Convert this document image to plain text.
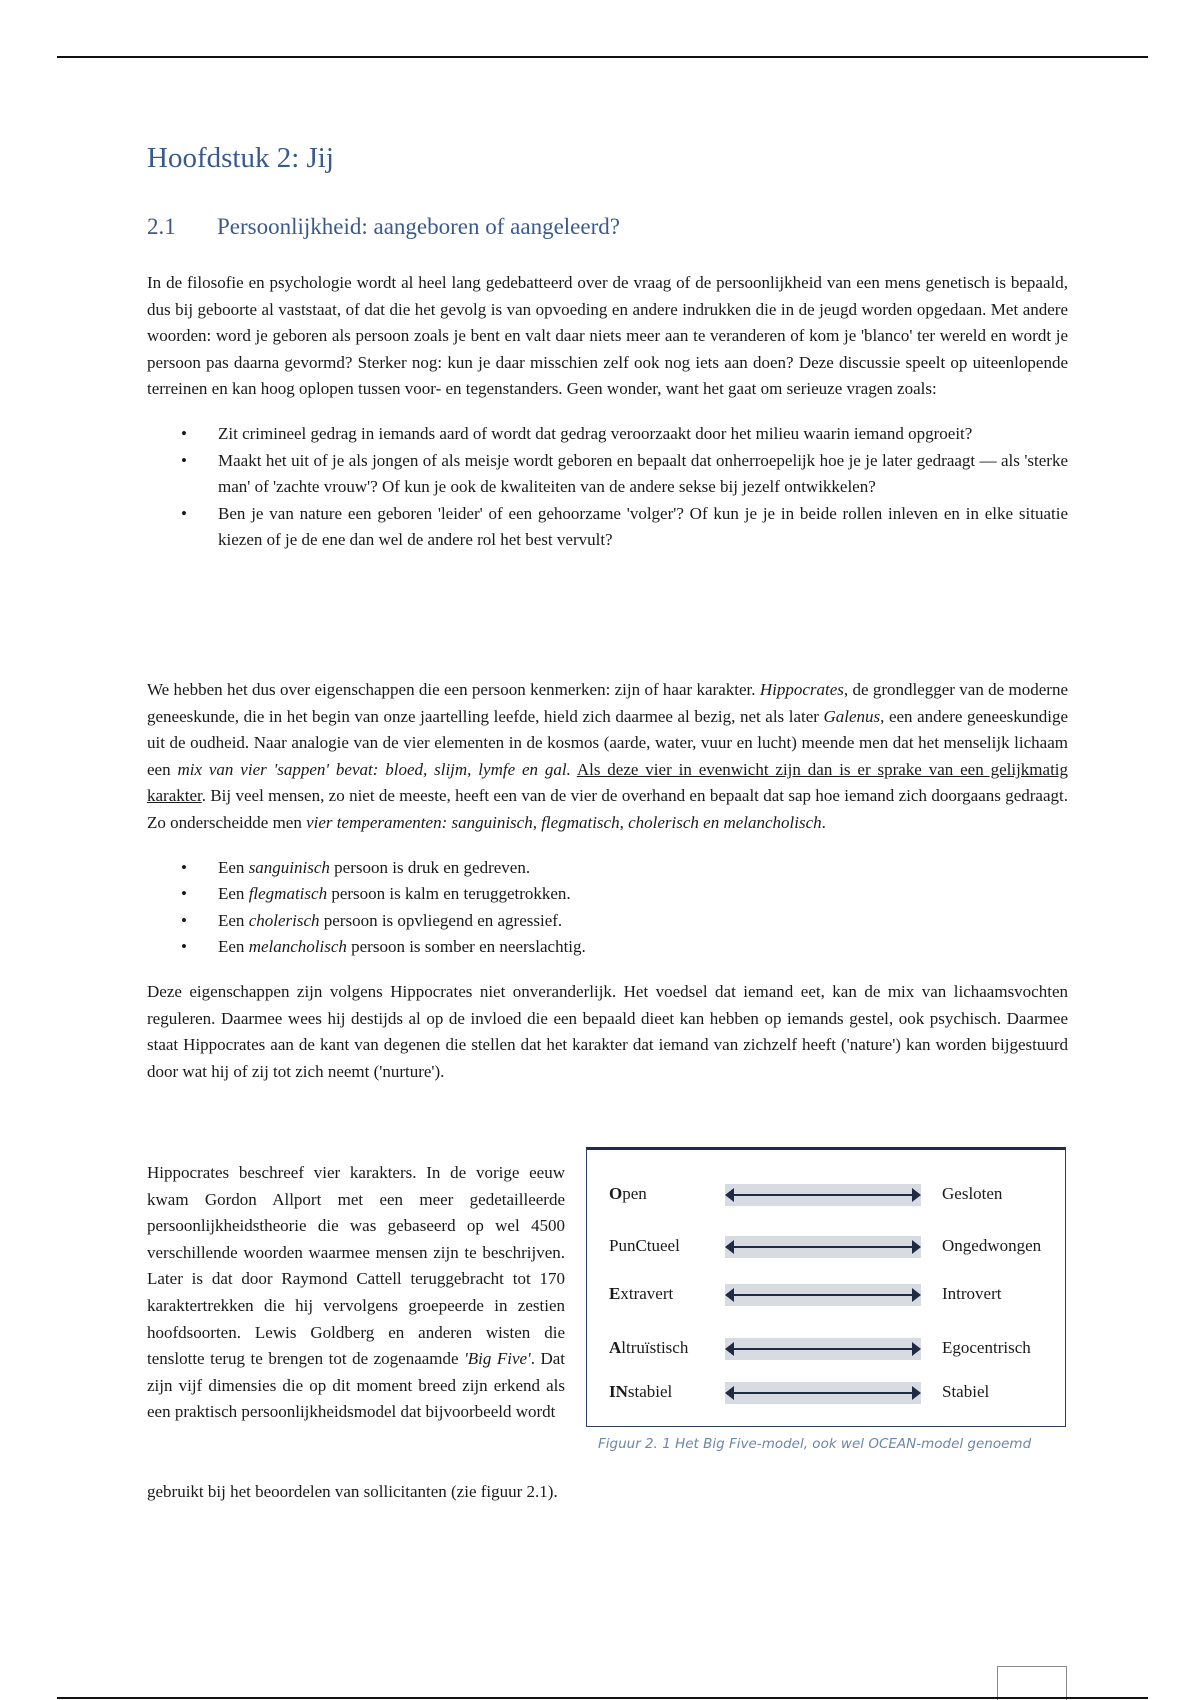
Hoofdstuk 2: Jij
2.1 Persoonlijkheid: aangeboren of aangeleerd?

In de filosofie en psychologie wordt al heel lang gedebatteerd over de vraag of de persoonlijkheid van een mens genetisch is bepaald, dus bij geboorte al vaststaat, of dat die het gevolg is van opvoeding en andere indrukken die in de jeugd worden opgedaan. Met andere woorden: word je geboren als persoon zoals je bent en valt daar niets meer aan te veranderen of kom je 'blanco' ter wereld en wordt je persoon pas daarna gevormd? Sterker nog: kun je daar misschien zelf ook nog iets aan doen? Deze discussie speelt op uiteenlopende terreinen en kan hoog oplopen tussen voor- en tegenstanders. Geen wonder, want het gaat om serieuze vragen zoals:

• Zit crimineel gedrag in iemands aard of wordt dat gedrag veroorzaakt door het milieu waarin iemand opgroeit?
• Maakt het uit of je als jongen of als meisje wordt geboren en bepaalt dat onherroepelijk hoe je je later gedraagt — als 'sterke man' of 'zachte vrouw'? Of kun je ook de kwaliteiten van de andere sekse bij jezelf ontwikkelen?
• Ben je van nature een geboren 'leider' of een gehoorzame 'volger'? Of kun je je in beide rollen inleven en in elke situatie kiezen of je de ene dan wel de andere rol het best vervult?

We hebben het dus over eigenschappen die een persoon kenmerken: zijn of haar karakter. Hippocrates, de grondlegger van de moderne geneeskunde, die in het begin van onze jaartelling leefde, hield zich daarmee al bezig, net als later Galenus, een andere geneeskundige uit de oudheid. Naar analogie van de vier elementen in de kosmos (aarde, water, vuur en lucht) meende men dat het menselijk lichaam een mix van vier 'sappen' bevat: bloed, slijm, lymfe en gal. Als deze vier in evenwicht zijn dan is er sprake van een gelijkmatig karakter. Bij veel mensen, zo niet de meeste, heeft een van de vier de overhand en bepaalt dat sap hoe iemand zich doorgaans gedraagt. Zo onderscheidde men vier temperamenten: sanguinisch, flegmatisch, cholerisch en melancholisch.

• Een sanguinisch persoon is druk en gedreven.
• Een flegmatisch persoon is kalm en teruggetrokken.
• Een cholerisch persoon is opvliegend en agressief.
• Een melancholisch persoon is somber en neerslachtig.

Deze eigenschappen zijn volgens Hippocrates niet onveranderlijk. Het voedsel dat iemand eet, kan de mix van lichaamsvochten reguleren. Daarmee wees hij destijds al op de invloed die een bepaald dieet kan hebben op iemands gestel, ook psychisch. Daarmee staat Hippocrates aan de kant van degenen die stellen dat het karakter dat iemand van zichzelf heeft ('nature') kan worden bijgestuurd door wat hij of zij tot zich neemt ('nurture').

Hippocrates beschreef vier karakters. In de vorige eeuw kwam Gordon Allport met een meer gedetailleerde persoonlijkheidstheorie die was gebaseerd op wel 4500 verschillende woorden waarmee mensen zijn te beschrijven. Later is dat door Raymond Cattell teruggebracht tot 170 karaktertrekken die hij vervolgens groepeerde in zestien hoofdsoorten. Lewis Goldberg en anderen wisten die tenslotte terug te brengen tot de zogenaamde 'Big Five'. Dat zijn vijf dimensies die op dit moment breed zijn erkend als een praktisch persoonlijkheidsmodel dat bijvoorbeeld wordt

gebruikt bij het beoordelen van sollicitanten (zie figuur 2.1).

Open	Gesloten
PunCtueel	Ongedwongen
Extravert	Introvert
Altruïstisch	Egocentrisch
INstabiel	Stabiel
Figuur 2. 1 Het Big Five-model, ook wel OCEAN-model genoemd
